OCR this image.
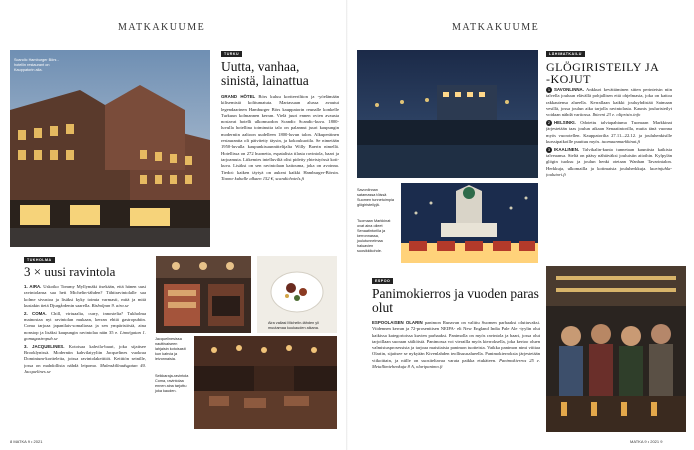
MATKAKUUME
Scandic Hamburger Börs -hotellin restaurant on Kauppatorin alla.
TURKU
Uutta, vanhaa, sinistä, lainattua
GRAND HÔTEL Börs kuluu kortteeriltion ja -yöelämään kilisemistä kolttumatuta. Martassaan alussa avautui legendaarinen Hamburger Börs kauppatorin reunalle konkelle Turkuun kolmannen kerran. Vielä juuri ennen ovien avausta nostavat hotelli ulkomuodon Scandic Scandic-kuva. 1800-luvulla hotellina toiminutta talo on palannut juuri kaupungin moderniin aaltoon uudelleen 1800-luvun talon. Alkuperäinen restaurantta oli päivitetty täysin, ja kokoukuotila. Se nimetään 1950-luvulla kaupunkisuunnittelijalta Willy Baerin nimellä. Hotellissa on 272 huonetta, espatalista tilasta ravintola, baari ja tarjoamuta. Liikemies intelluviliä olisi pidetty yhteistyössä koti-kuva. Lisäksi on sen ravintolaan kattouma, joka on avoinna. Tiedot: kaiken täytyä on aukeat kaikki Hamburger-Börsin. Tiaone kuhalle alkaen 152 €, scandichotels.fi
TUKHOLMA
3 × uusi ravintola

1. AIRA. Uskoiko Tommy Myllymäki itsekään, että hänen uusi ravintolansa saa heti Michelin-tähden? Tähtiravintolalle saa kolme sivustoa ja lisäksi kyky toimia varmasti, mitä ja mitä kustakin tietä Djurgårdenin saarella. Bisbolpan 9. aira.se

2. COMA. Chill, virtuaalia, curry, innostelia? Tukholma mainostaa nyt ravintolan mukaan, kerran ehtiä gastropubiin. Coma tarjoaa japanilais-somaliassa ja sen ympäristöstä, aina nonstop ja lisäksi kaupungin ravintolaa näin 35 e. Linnégatan 1. gomagastropub.se

3. JACQUELINES. Kotoisaa kahvila-baari, joka sijaitsee Brooklynissä. Moderniin kahvilatyyliin Jacquelines vuokraa Dominium-kortteleita, joissa ravintolakeittiöt. Keittiön seinille, jossa on mahdollista nähdä leipomo. Malmskillnadsgatan 40. Jacquelines.se

Aira vallasi Michelin-tähden yli muutamaa kuukauden aikana.
Jacquelinesissa nauttivaiseen lahjaisin kotoisasti kun kahvia ja leivonnaisia.
Seikkaraja-ravintola Coma, ravintolaa ennen aina tarjottu joka kauden.
8 MATKA 9 • 2021
MATKAKUUME
LÄHIMATKAILU
GLÖGIRISTEILY JA -KOJUT

1 SAVONLINNA. Ankkuri kevättäminen sitten perinteisin niin talvella jouluun elävällä pohjallisen että ohjelmasta, joka on kattoa rakkautensa alueella. Kerrallaan kaikki jouluyhdistää Saimaan vesillä, jossa joulun aika tarjolla ravintolasta. Kaunis jouluristeilyt voidaan nähdä vartiossa. Ihteeni 23 e. olipristo.info

2 HELSINKI. Odotettu talviapahtuma Tuomaan Markkinat järjestetään taas joulun aikaan Senaatintorilla, mutta tänä vuonna myös vuorotellen. Kauppatorilta 27.11.–22.12. ja jouluhenkisille kurssipaikoille puuttuu myös. tuomaanmarkkinat.fi

3 IKAALINEN. Talvikalin-kunta tunnetaan kauniista kaikista talveaansa. Sieltä on pääsy nähtäväksi jouluisiin aitoihin. Kylpylän glögin tuoksu ja joulun henki otetaan Wanhan Tavarintalon. Herkkuja, ulkomailla ja kotimaisia jouluherkkuja. laurinjuhla-joulutori.fi

Savonlinnan satamassa töissä Suomen tunnetuimpia glögiristeilyjä.
Tuomaan Markkinat ovat aina olleet Senaatintorilla ja kerronnassa, joulutunnelmaa haluavien suosikkikohde.
ESPOO
Panimokierros ja vuoden paras olut
ESPOOLAISEN OLARIN panimon Runavan on valittu Suomen parhaaksi oluttuvaksi. Viidennen kerran ja 72-prosenttisen NEIPA- eli New England India Pale Ale -tyylin olut kaikissa kategorioissa kuvien parhaaksi. Panimolla on myös ravintola ja baari, jossa olut tarjoillaan suoraan säiliöistä. Panimossa voi vierailla myös kierroksella, joka kertoo oluen valmistusprosessista ja tarjoaa maistiaisia panimon tuotteista. Vaikka panimon nimi viittaa Olariin, sijaitsee se nykyään Kivenlahden teollisuusalueella. Panimokierroksia järjestetään viikoittain, ja niille on suositeltavaa varata paikka etukäteen. Panimokierros 25 e. Metallimiehenkuja 8 A, olaripanimo.fi
MATKA 9 • 2021 9
